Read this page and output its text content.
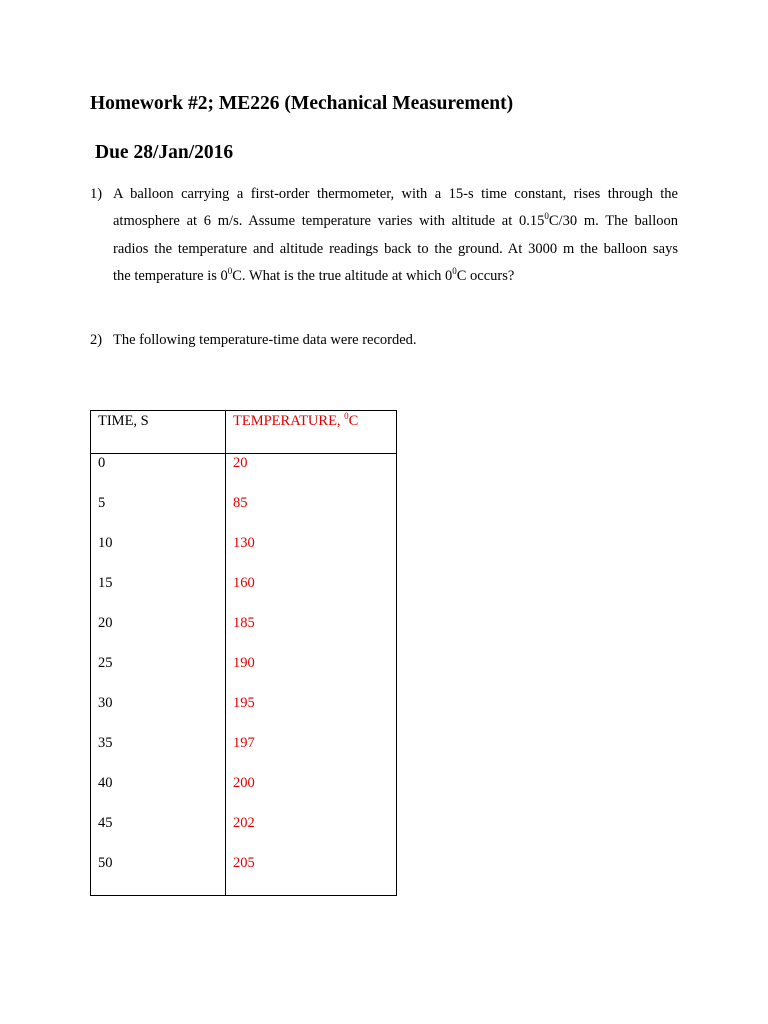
Homework #2; ME226 (Mechanical Measurement)
Due 28/Jan/2016
1) A balloon carrying a first-order thermometer, with a 15-s time constant, rises through the
atmosphere at 6 m/s. Assume temperature varies with altitude at 0.15$^0$C/30 m. The balloon
radios the temperature and altitude readings back to the ground. At 3000 m the balloon says
the temperature is $0^0C$. What is the true altitude at which $0^0C$ occurs?
2) The following temperature-time data were recorded.
TIME, S	TEMPERATURE, $^0$C
0	20
5	85
10	130
15	160
20	185
25	190
30	195
35	197
40	200
45	202
50	205
